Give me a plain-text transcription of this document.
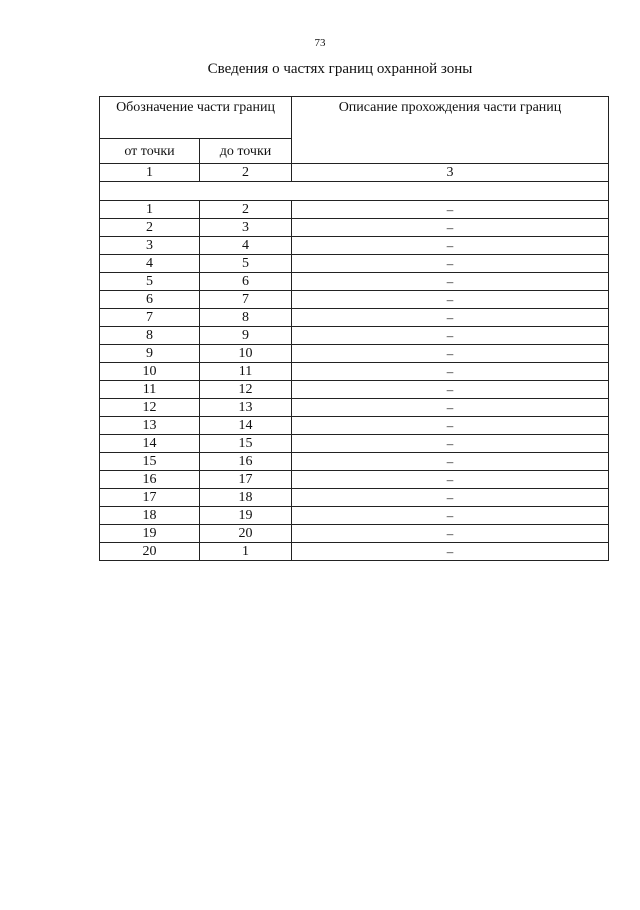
73
Сведения о частях границ охранной зоны
Обозначение части границ		Описание прохождения части границ
от точки	до точки	
1	2	3

1	2	–
2	3	–
3	4	–
4	5	–
5	6	–
6	7	–
7	8	–
8	9	–
9	10	–
10	11	–
11	12	–
12	13	–
13	14	–
14	15	–
15	16	–
16	17	–
17	18	–
18	19	–
19	20	–
20	1	–
